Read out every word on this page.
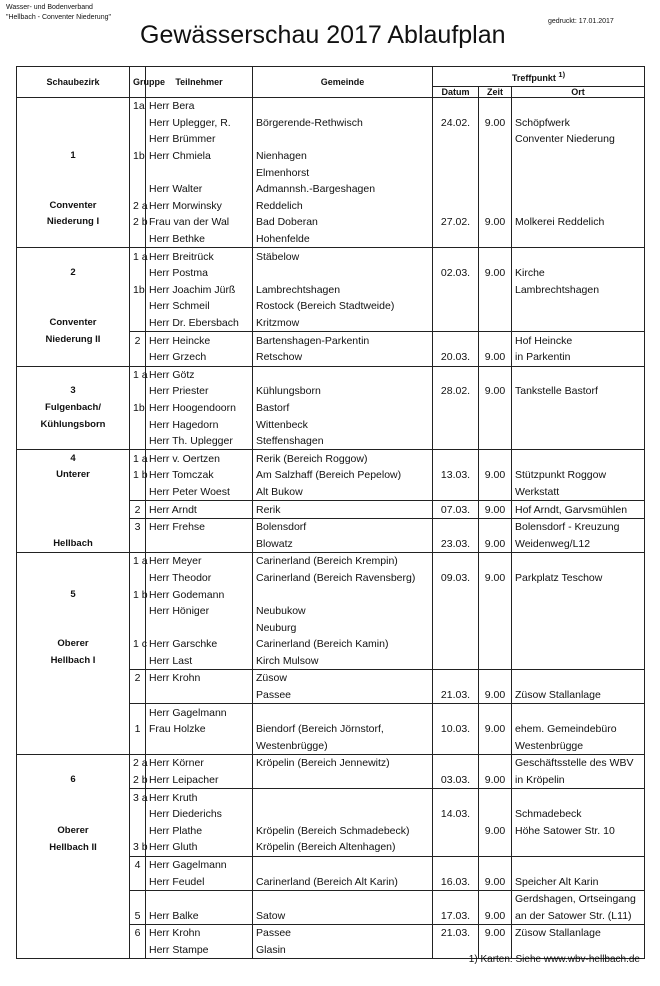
Wasser- und Bodenverband
"Hellbach - Conventer Niederung"
Gewässerschau 2017 Ablaufplan	gedruckt: 17.01.2017
Schaubezirk	Gruppe	Teilnehmer	Gemeinde	Treffpunkt $^{1)}$
				Datum	Zeit	Ort
	1a	Herr Bera				
		Herr Uplegger, R.	Börgerende-Rethwisch	24.02.	9.00	Schöpfwerk
		Herr Brümmer				Conventer Niederung
1	1b	Herr Chmiela	Nienhagen			
			Elmenhorst			
		Herr Walter	Admannsh.-Bargeshagen			
Conventer	2 a	Herr Morwinsky	Reddelich			
Niederung I	2 b	Frau van der Wal	Bad Doberan	27.02.	9.00	Molkerei Reddelich
		Herr Bethke	Hohenfelde			
	1 a	Herr Breitrück	Stäbelow			
2		Herr Postma		02.03.	9.00	Kirche
	1b	Herr Joachim Jürß	Lambrechtshagen			Lambrechtshagen
		Herr Schmeil	Rostock (Bereich Stadtweide)			
Conventer		Herr Dr. Ebersbach	Kritzmow			
Niederung II	2	Herr Heincke	Bartenshagen-Parkentin			Hof Heincke
		Herr Grzech	Retschow	20.03.	9.00	in Parkentin
	1 a	Herr Götz				
3		Herr Priester	Kühlungsborn	28.02.	9.00	Tankstelle Bastorf
Fulgenbach/	1b	Herr Hoogendoorn	Bastorf			
Kühlungsborn		Herr Hagedorn	Wittenbeck			
		Herr Th. Uplegger	Steffenshagen			
4	1 a	Herr v. Oertzen	Rerik (Bereich Roggow)			
Unterer	1 b	Herr Tomczak	Am Salzhaff (Bereich Pepelow)	13.03.	9.00	Stützpunkt Roggow
		Herr Peter Woest	Alt Bukow			Werkstatt
	2	Herr Arndt	Rerik	07.03.	9.00	Hof Arndt, Garvsmühlen
	3	Herr Frehse	Bolensdorf			Bolensdorf - Kreuzung
Hellbach			Blowatz	23.03.	9.00	Weidenweg/L12
	1 a	Herr Meyer	Carinerland (Bereich Krempin)			
		Herr Theodor	Carinerland (Bereich Ravensberg)	09.03.	9.00	Parkplatz Teschow
5	1 b	Herr Godemann				
		Herr Höniger	Neubukow			
			Neuburg			
Oberer	1 c	Herr Garschke	Carinerland (Bereich Kamin)			
Hellbach I		Herr Last	Kirch Mulsow			
	2	Herr Krohn	Züsow			
			Passee	21.03.	9.00	Züsow Stallanlage
		Herr Gagelmann				
	1	Frau Holzke	Biendorf (Bereich Jörnstorf,	10.03.	9.00	ehem. Gemeindebüro
			Westenbrügge)			Westenbrügge
	2 a	Herr Körner	Kröpelin (Bereich Jennewitz)			Geschäftsstelle des WBV
6	2 b	Herr Leipacher		03.03.	9.00	in Kröpelin
	3 a	Herr Kruth				
		Herr Diederichs		14.03.		Schmadebeck
Oberer		Herr Plathe	Kröpelin (Bereich Schmadebeck)		9.00	Höhe Satower Str. 10
Hellbach II	3 b	Herr Gluth	Kröpelin (Bereich Altenhagen)			
	4	Herr Gagelmann				
		Herr Feudel	Carinerland (Bereich Alt Karin)	16.03.	9.00	Speicher Alt Karin
						Gerdshagen, Ortseingang
	5	Herr Balke	Satow	17.03.	9.00	an der Satower Str. (L11)
	6	Herr Krohn	Passee	21.03.	9.00	Züsow Stallanlage
		Herr Stampe	Glasin			
1) Karten: Siehe www.wbv-hellbach.de
